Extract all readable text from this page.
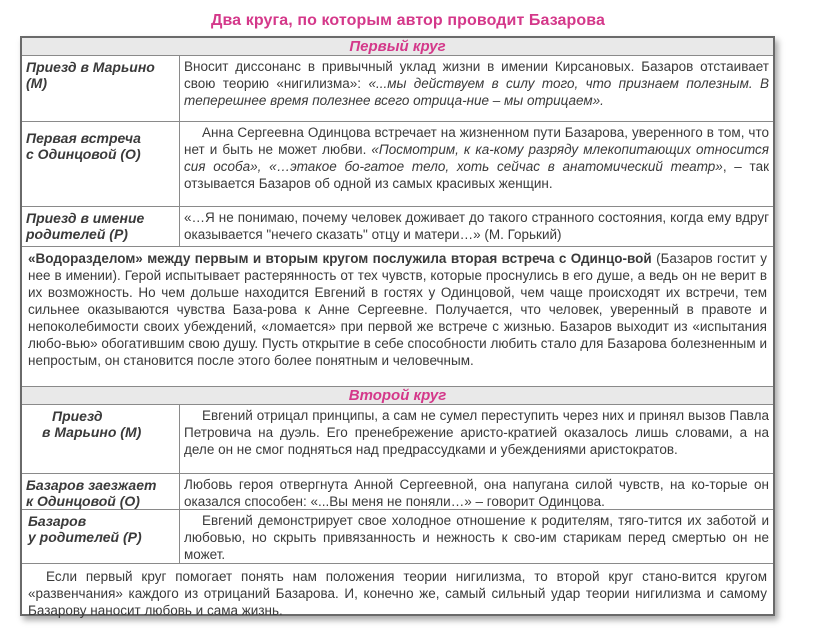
Два круга, по которым автор проводит Базарова
Первый круг
Приезд в Марьино
(М)
Вносит диссонанс в привычный уклад жизни в имении Кирсановых. Базаров отстаивает свою теорию «нигилизма»: «...мы действуем в силу того, что признаем полезным. В теперешнее время полезнее всего отрица-ние – мы отрицаем».
Первая встреча
с Одинцовой (О)
Анна Сергеевна Одинцова встречает на жизненном пути Базарова, уверенного в том, что нет и быть не может любви. «Посмотрим, к ка-кому разряду млекопитающих относится сия особа», «…этакое бо-гатое тело, хоть сейчас в анатомический театр», – так отзывается Базаров об одной из самых красивых женщин.
Приезд в имение
родителей (Р)
«…Я не понимаю, почему человек доживает до такого странного состояния, когда ему вдруг оказывается "нечего сказать" отцу и матери…» (М. Горький)
«Водоразделом» между первым и вторым кругом послужила вторая встреча с Одинцо-вой (Базаров гостит у нее в имении). Герой испытывает растерянность от тех чувств, которые проснулись в его душе, а ведь он не верит в их возможность. Но чем дольше находится Евгений в гостях у Одинцовой, чем чаще происходят их встречи, тем сильнее оказываются чувства База-рова к Анне Сергеевне. Получается, что человек, уверенный в правоте и непоколебимости своих убеждений, «ломается» при первой же встрече с жизнью. Базаров выходит из «испытания любо-вью» обогатившим свою душу. Пусть открытие в себе способности любить стало для Базарова болезненным и непростым, он становится после этого более понятным и человечным.
Второй круг
Приезд
в Марьино (М)
Евгений отрицал принципы, а сам не сумел переступить через них и принял вызов Павла Петровича на дуэль. Его пренебрежение аристо-кратией оказалось лишь словами, а на деле он не смог подняться над предрассудками и убеждениями аристократов.
Базаров заезжает
к Одинцовой (О)
Любовь героя отвергнута Анной Сергеевной, она напугана силой чувств, на ко-торые он оказался способен: «...Вы меня не поняли…» – говорит Одинцова.
Базаров
у родителей (Р)
Евгений демонстрирует свое холодное отношение к родителям, тяго-тится их заботой и любовью, но скрыть привязанность и нежность к сво-им старикам перед смертью он не может.
Если первый круг помогает понять нам положения теории нигилизма, то второй круг стано-вится кругом «развенчания» каждого из отрицаний Базарова. И, конечно же, самый сильный удар теории нигилизма и самому Базарову наносит любовь и сама жизнь.
